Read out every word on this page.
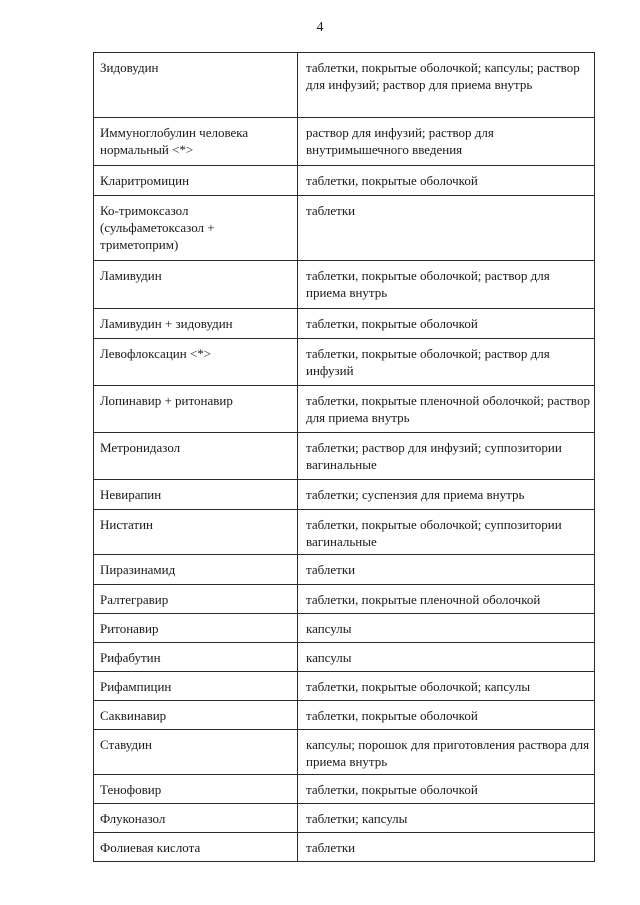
4
Зидовудин	таблетки, покрытые оболочкой; капсулы; раствор для инфузий; раствор для приема внутрь
Иммуноглобулин человека нормальный <*>	раствор для инфузий; раствор для внутримышечного введения
Кларитромицин	таблетки, покрытые оболочкой
Ко-тримоксазол (сульфаметоксазол + триметоприм)	таблетки
Ламивудин	таблетки, покрытые оболочкой; раствор для приема внутрь
Ламивудин + зидовудин	таблетки, покрытые оболочкой
Левофлоксацин <*>	таблетки, покрытые оболочкой; раствор для инфузий
Лопинавир + ритонавир	таблетки, покрытые пленочной оболочкой; раствор для приема внутрь
Метронидазол	таблетки; раствор для инфузий; суппозитории вагинальные
Невирапин	таблетки; суспензия для приема внутрь
Нистатин	таблетки, покрытые оболочкой; суппозитории вагинальные
Пиразинамид	таблетки
Ралтегравир	таблетки, покрытые пленочной оболочкой
Ритонавир	капсулы
Рифабутин	капсулы
Рифампицин	таблетки, покрытые оболочкой; капсулы
Саквинавир	таблетки, покрытые оболочкой
Ставудин	капсулы; порошок для приготовления раствора для приема внутрь
Тенофовир	таблетки, покрытые оболочкой
Флуконазол	таблетки; капсулы
Фолиевая кислота	таблетки
